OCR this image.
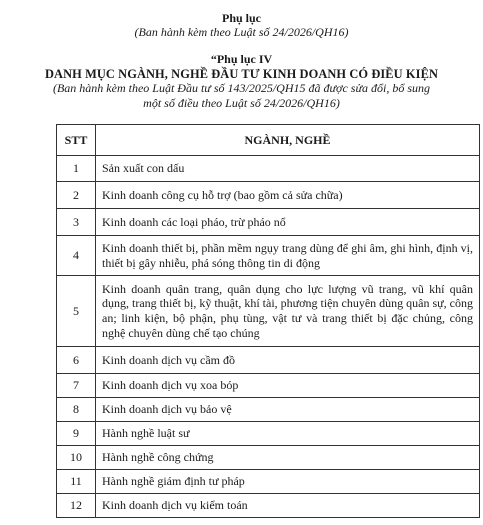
Phụ lục
(Ban hành kèm theo Luật số 24/2026/QH16)
“Phụ lục IV
DANH MỤC NGÀNH, NGHỀ ĐẦU TƯ KINH DOANH CÓ ĐIỀU KIỆN
(Ban hành kèm theo Luật Đầu tư số 143/2025/QH15 đã được sửa đổi, bổ sung
một số điều theo Luật số 24/2026/QH16)
STT	NGÀNH, NGHỀ
1	Sản xuất con dấu
2	Kinh doanh công cụ hỗ trợ (bao gồm cả sửa chữa)
3	Kinh doanh các loại pháo, trừ pháo nổ
4	Kinh doanh thiết bị, phần mềm ngụy trang dùng để ghi âm, ghi hình, định vị, thiết bị gây nhiễu, phá sóng thông tin di động
5	Kinh doanh quân trang, quân dụng cho lực lượng vũ trang, vũ khí quân dụng, trang thiết bị, kỹ thuật, khí tài, phương tiện chuyên dùng quân sự, công an; linh kiện, bộ phận, phụ tùng, vật tư và trang thiết bị đặc chủng, công nghệ chuyên dùng chế tạo chúng
6	Kinh doanh dịch vụ cầm đồ
7	Kinh doanh dịch vụ xoa bóp
8	Kinh doanh dịch vụ bảo vệ
9	Hành nghề luật sư
10	Hành nghề công chứng
11	Hành nghề giám định tư pháp
12	Kinh doanh dịch vụ kiểm toán
